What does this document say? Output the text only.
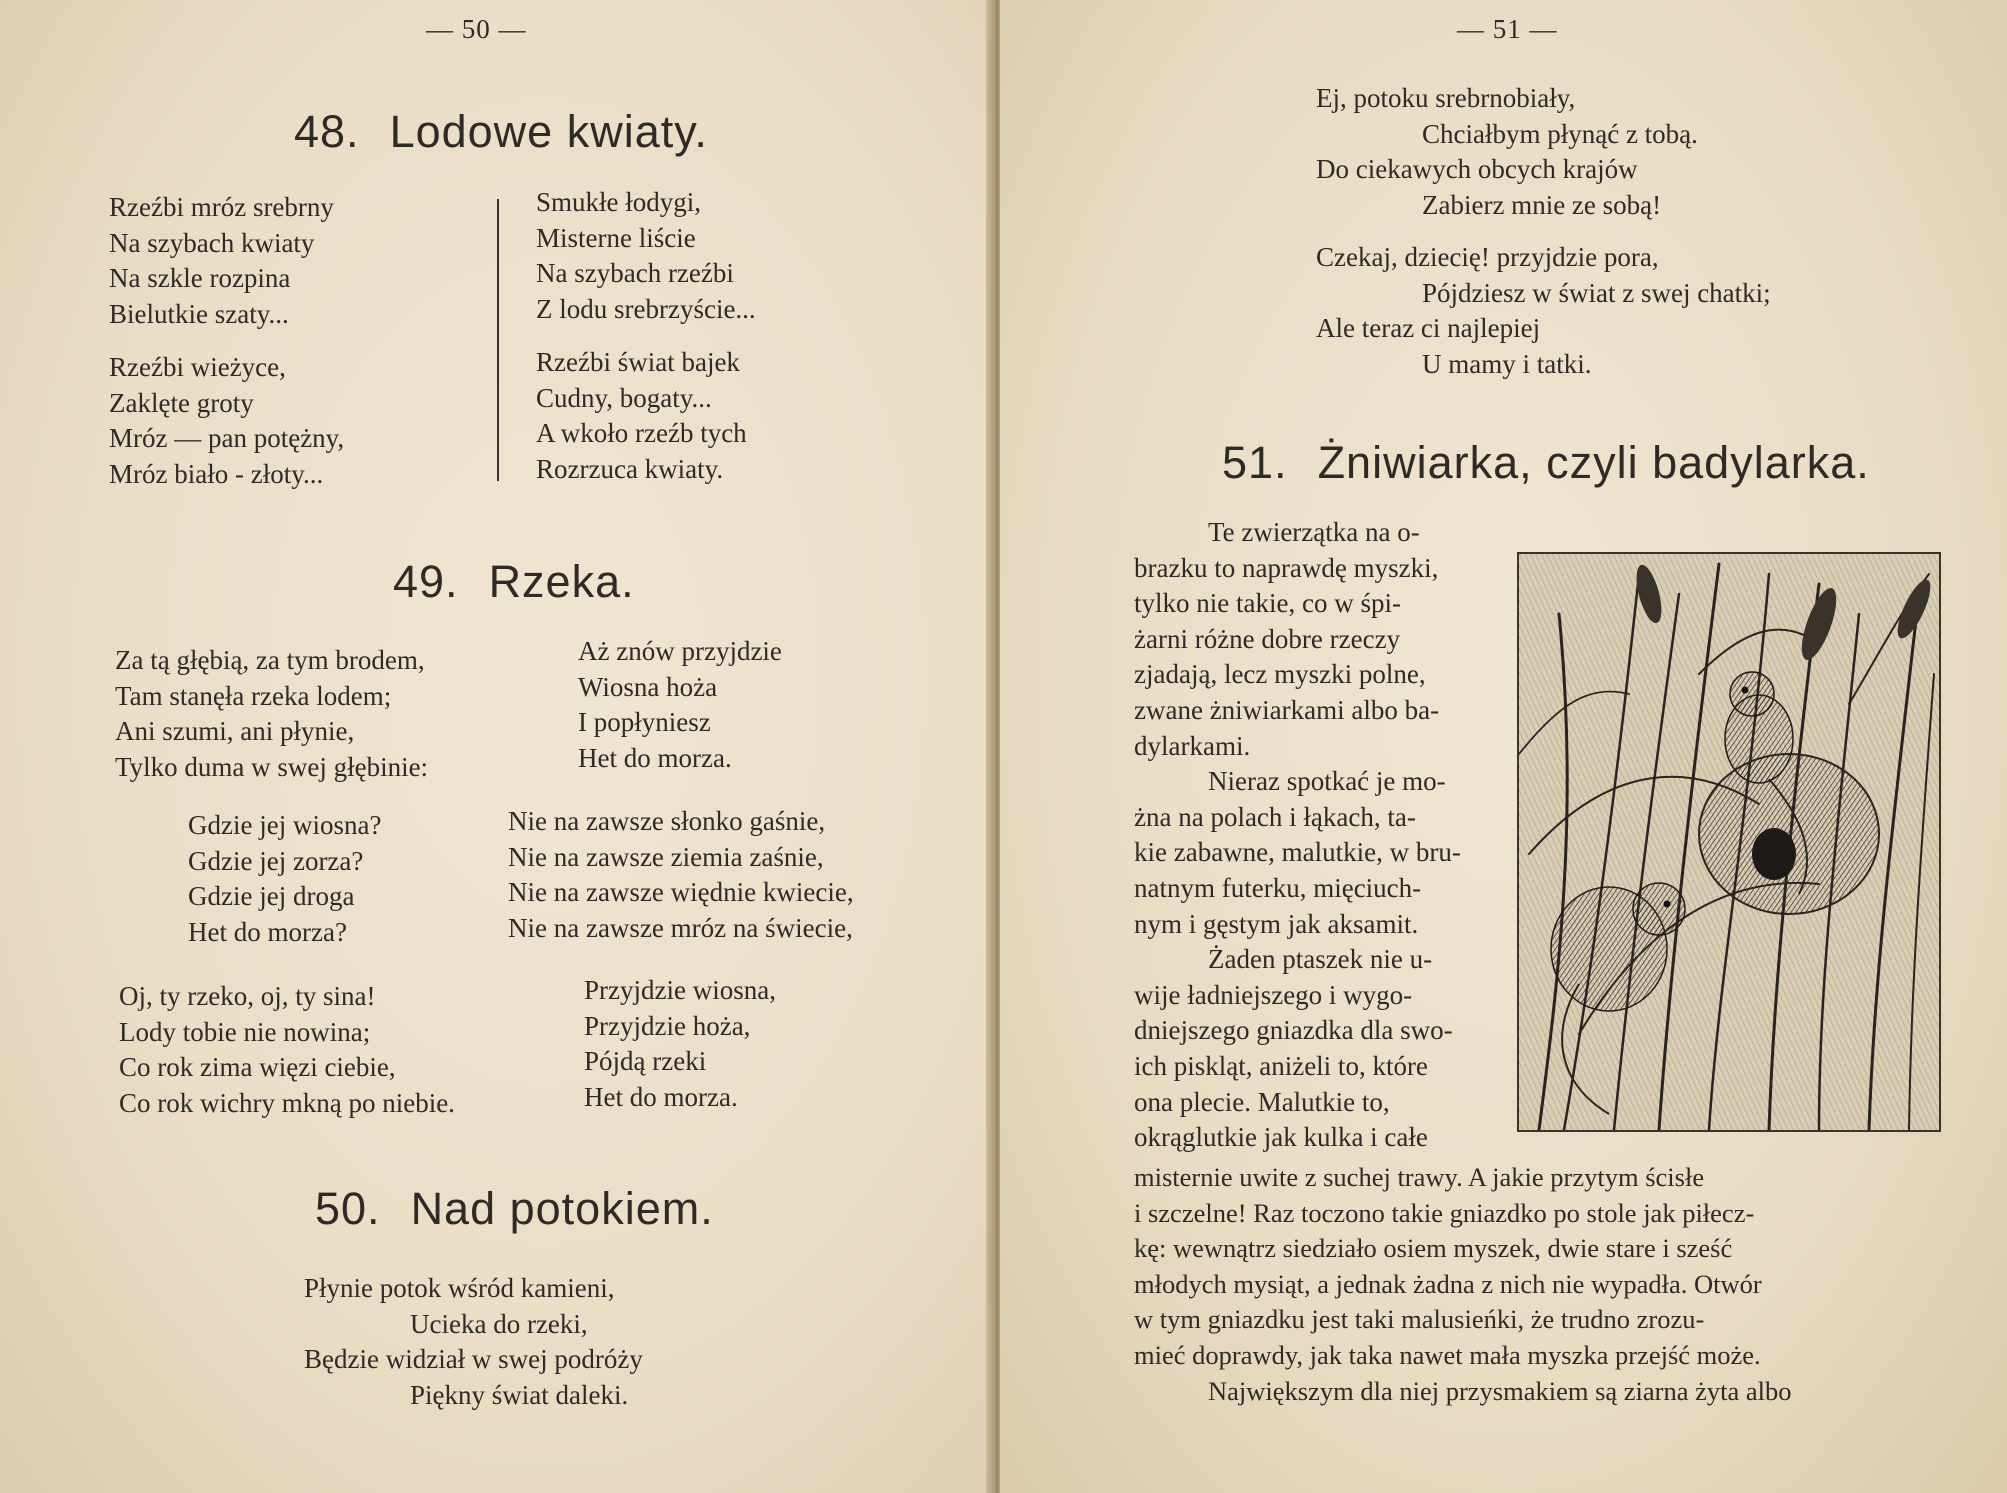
— 50 —
48. Lodowe kwiaty.
Rzeźbi mróz srebrny
Na szybach kwiaty
Na szkle rozpina
Bielutkie szaty...
Rzeźbi wieżyce,
Zaklęte groty
Mróz — pan potężny,
Mróz biało - złoty...
Smukłe łodygi,
Misterne liście
Na szybach rzeźbi
Z lodu srebrzyście...
Rzeźbi świat bajek
Cudny, bogaty...
A wkoło rzeźb tych
Rozrzuca kwiaty.
49. Rzeka.
Za tą głębią, za tym brodem,
Tam stanęła rzeka lodem;
Ani szumi, ani płynie,
Tylko duma w swej głębinie:
Aż znów przyjdzie
Wiosna hoża
I popłyniesz
Het do morza.
Gdzie jej wiosna?
Gdzie jej zorza?
Gdzie jej droga
Het do morza?
Nie na zawsze słonko gaśnie,
Nie na zawsze ziemia zaśnie,
Nie na zawsze więdnie kwiecie,
Nie na zawsze mróz na świecie,
Oj, ty rzeko, oj, ty sina!
Lody tobie nie nowina;
Co rok zima więzi ciebie,
Co rok wichry mkną po niebie.
Przyjdzie wiosna,
Przyjdzie hoża,
Pójdą rzeki
Het do morza.
50. Nad potokiem.
Płynie potok wśród kamieni,
Ucieka do rzeki,
Będzie widział w swej podróży
Piękny świat daleki.
— 51 —
Ej, potoku srebrnobiały,
Chciałbym płynąć z tobą.
Do ciekawych obcych krajów
Zabierz mnie ze sobą!
Czekaj, dziecię! przyjdzie pora,
Pójdziesz w świat z swej chatki;
Ale teraz ci najlepiej
U mamy i tatki.
51. Żniwiarka, czyli badylarka.
Te zwierzątka na o-
brazku to naprawdę myszki,
tylko nie takie, co w śpi-
żarni różne dobre rzeczy
zjadają, lecz myszki polne,
zwane żniwiarkami albo ba-
dylarkami.
Nieraz spotkać je mo-
żna na polach i łąkach, ta-
kie zabawne, malutkie, w bru-
natnym futerku, mięciuch-
nym i gęstym jak aksamit.
Żaden ptaszek nie u-
wije ładniejszego i wygo-
dniejszego gniazdka dla swo-
ich piskląt, aniżeli to, które
ona plecie. Malutkie to,
okrąglutkie jak kulka i całe
misternie uwite z suchej trawy. A jakie przytym ścisłe
i szczelne! Raz toczono takie gniazdko po stole jak piłecz-
kę: wewnątrz siedziało osiem myszek, dwie stare i sześć
młodych mysiąt, a jednak żadna z nich nie wypadła. Otwór
w tym gniazdku jest taki malusieńki, że trudno zrozu-
mieć doprawdy, jak taka nawet mała myszka przejść może.
Największym dla niej przysmakiem są ziarna żyta albo
